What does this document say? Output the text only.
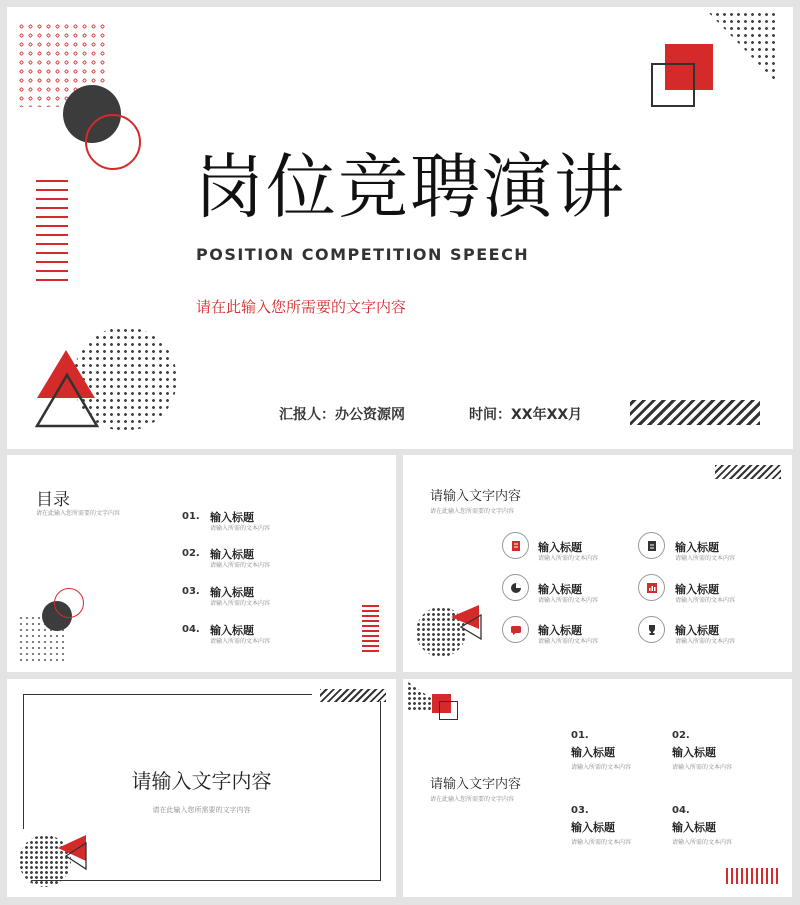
岗位竞聘演讲
POSITION COMPETITION SPEECH
请在此输入您所需要的文字内容
汇报人：办公资源网	时间：XX年XX月
目录
请在此输入您所需要的文字内容	01. 输入标题
请输入所需的文本内容
02. 输入标题
请输入所需的文本内容
03. 输入标题
请输入所需的文本内容
04. 输入标题
请输入所需的文本内容
请输入文字内容
请在此输入您所需要的文字内容
输入标题
请输入所需的文本内容
输入标题
请输入所需的文本内容
输入标题
请输入所需的文本内容
输入标题
请输入所需的文本内容
输入标题
请输入所需的文本内容
输入标题
请输入所需的文本内容
请输入文字内容
请在此输入您所需要的文字内容
请输入文字内容
请在此输入您所需要的文字内容
01.
输入标题
请输入所需的文本内容
02.
输入标题
请输入所需的文本内容
03.
输入标题
请输入所需的文本内容
04.
输入标题
请输入所需的文本内容
